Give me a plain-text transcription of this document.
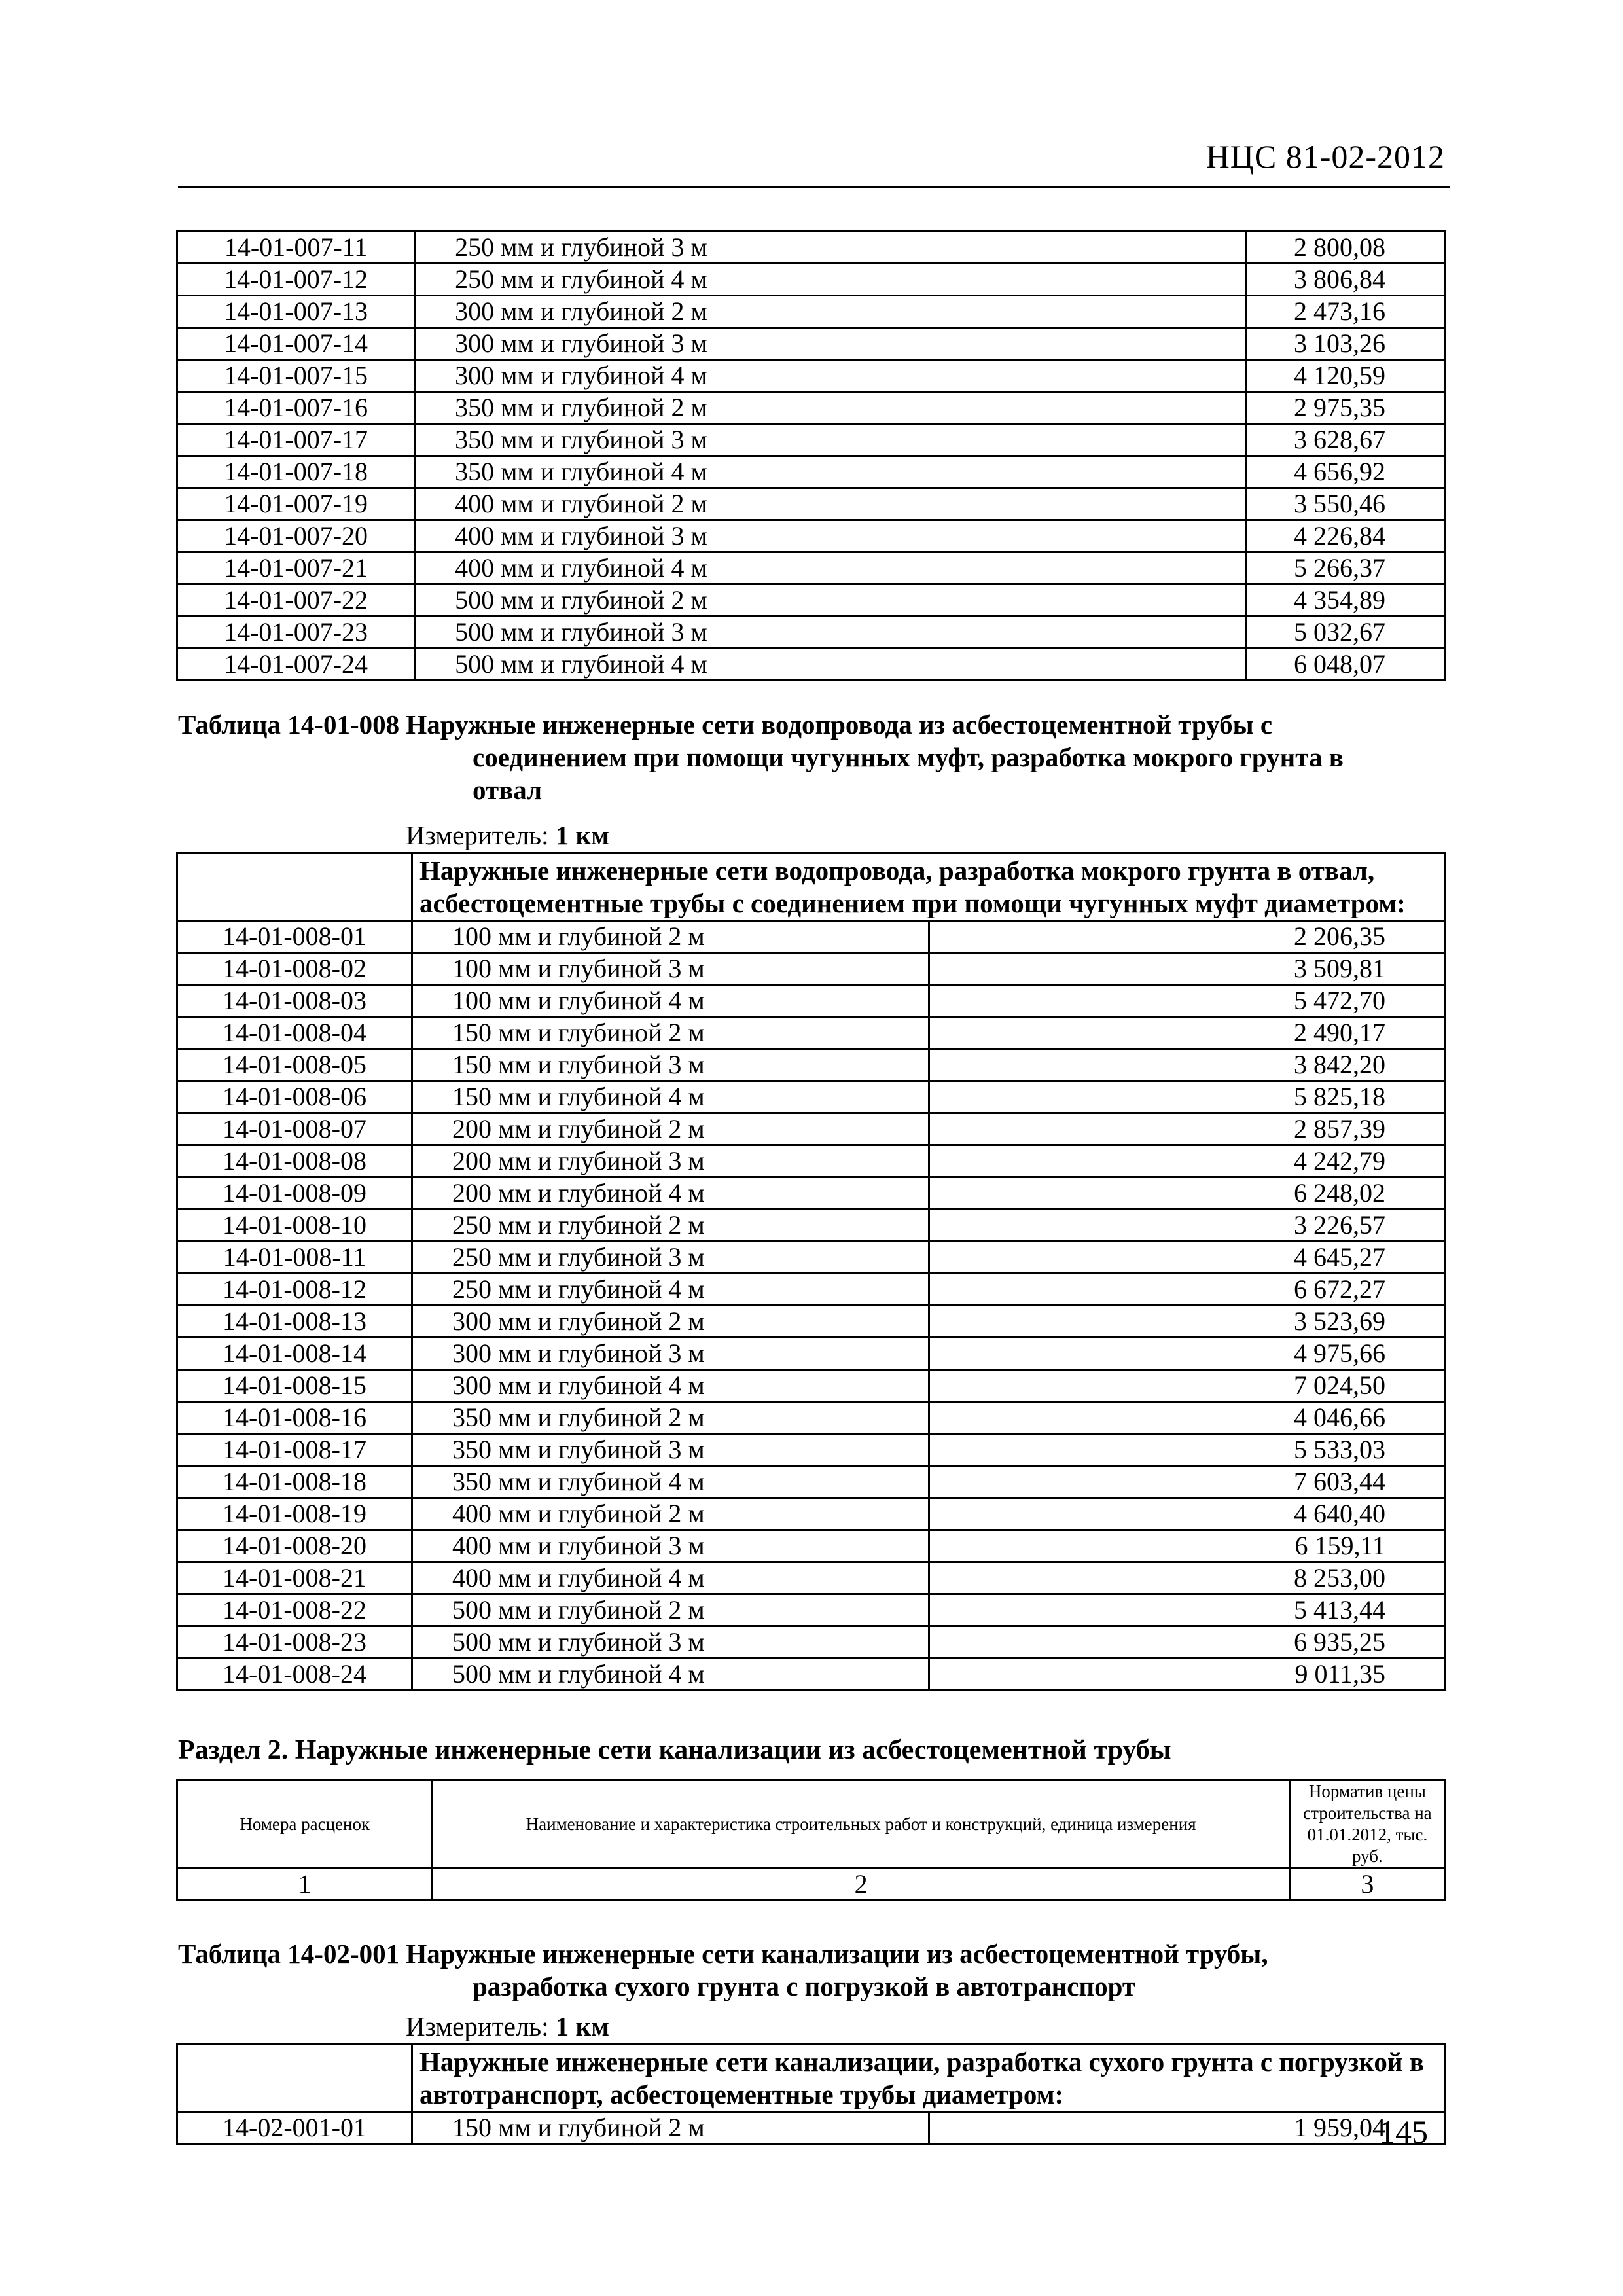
НЦС 81-02-2012
14-01-007-11	250 мм и глубиной 3 м	2 800,08
14-01-007-12	250 мм и глубиной 4 м	3 806,84
14-01-007-13	300 мм и глубиной 2 м	2 473,16
14-01-007-14	300 мм и глубиной 3 м	3 103,26
14-01-007-15	300 мм и глубиной 4 м	4 120,59
14-01-007-16	350 мм и глубиной 2 м	2 975,35
14-01-007-17	350 мм и глубиной 3 м	3 628,67
14-01-007-18	350 мм и глубиной 4 м	4 656,92
14-01-007-19	400 мм и глубиной 2 м	3 550,46
14-01-007-20	400 мм и глубиной 3 м	4 226,84
14-01-007-21	400 мм и глубиной 4 м	5 266,37
14-01-007-22	500 мм и глубиной 2 м	4 354,89
14-01-007-23	500 мм и глубиной 3 м	5 032,67
14-01-007-24	500 мм и глубиной 4 м	6 048,07
Таблица 14-01-008 Наружные инженерные сети водопровода из асбестоцементной трубы с
соединением при помощи чугунных муфт, разработка мокрого грунта в
отвал
Измеритель: 1 км
	Наружные инженерные сети водопровода, разработка мокрого грунта в отвал, асбестоцементные трубы с соединением при помощи чугунных муфт диаметром:	
14-01-008-01	100 мм и глубиной 2 м	2 206,35
14-01-008-02	100 мм и глубиной 3 м	3 509,81
14-01-008-03	100 мм и глубиной 4 м	5 472,70
14-01-008-04	150 мм и глубиной 2 м	2 490,17
14-01-008-05	150 мм и глубиной 3 м	3 842,20
14-01-008-06	150 мм и глубиной 4 м	5 825,18
14-01-008-07	200 мм и глубиной 2 м	2 857,39
14-01-008-08	200 мм и глубиной 3 м	4 242,79
14-01-008-09	200 мм и глубиной 4 м	6 248,02
14-01-008-10	250 мм и глубиной 2 м	3 226,57
14-01-008-11	250 мм и глубиной 3 м	4 645,27
14-01-008-12	250 мм и глубиной 4 м	6 672,27
14-01-008-13	300 мм и глубиной 2 м	3 523,69
14-01-008-14	300 мм и глубиной 3 м	4 975,66
14-01-008-15	300 мм и глубиной 4 м	7 024,50
14-01-008-16	350 мм и глубиной 2 м	4 046,66
14-01-008-17	350 мм и глубиной 3 м	5 533,03
14-01-008-18	350 мм и глубиной 4 м	7 603,44
14-01-008-19	400 мм и глубиной 2 м	4 640,40
14-01-008-20	400 мм и глубиной 3 м	6 159,11
14-01-008-21	400 мм и глубиной 4 м	8 253,00
14-01-008-22	500 мм и глубиной 2 м	5 413,44
14-01-008-23	500 мм и глубиной 3 м	6 935,25
14-01-008-24	500 мм и глубиной 4 м	9 011,35
Раздел 2. Наружные инженерные сети канализации из асбестоцементной трубы
Номера расценок	Наименование и характеристика строительных работ и конструкций, единица измерения	Норматив цены строительства на 01.01.2012, тыс. руб.
1	2	3
Таблица 14-02-001 Наружные инженерные сети канализации из асбестоцементной трубы,
разработка сухого грунта с погрузкой в автотранспорт
Измеритель: 1 км
	Наружные инженерные сети канализации, разработка сухого грунта с погрузкой в автотранспорт, асбестоцементные трубы диаметром:	
14-02-001-01	150 мм и глубиной 2 м	1 959,04
145
